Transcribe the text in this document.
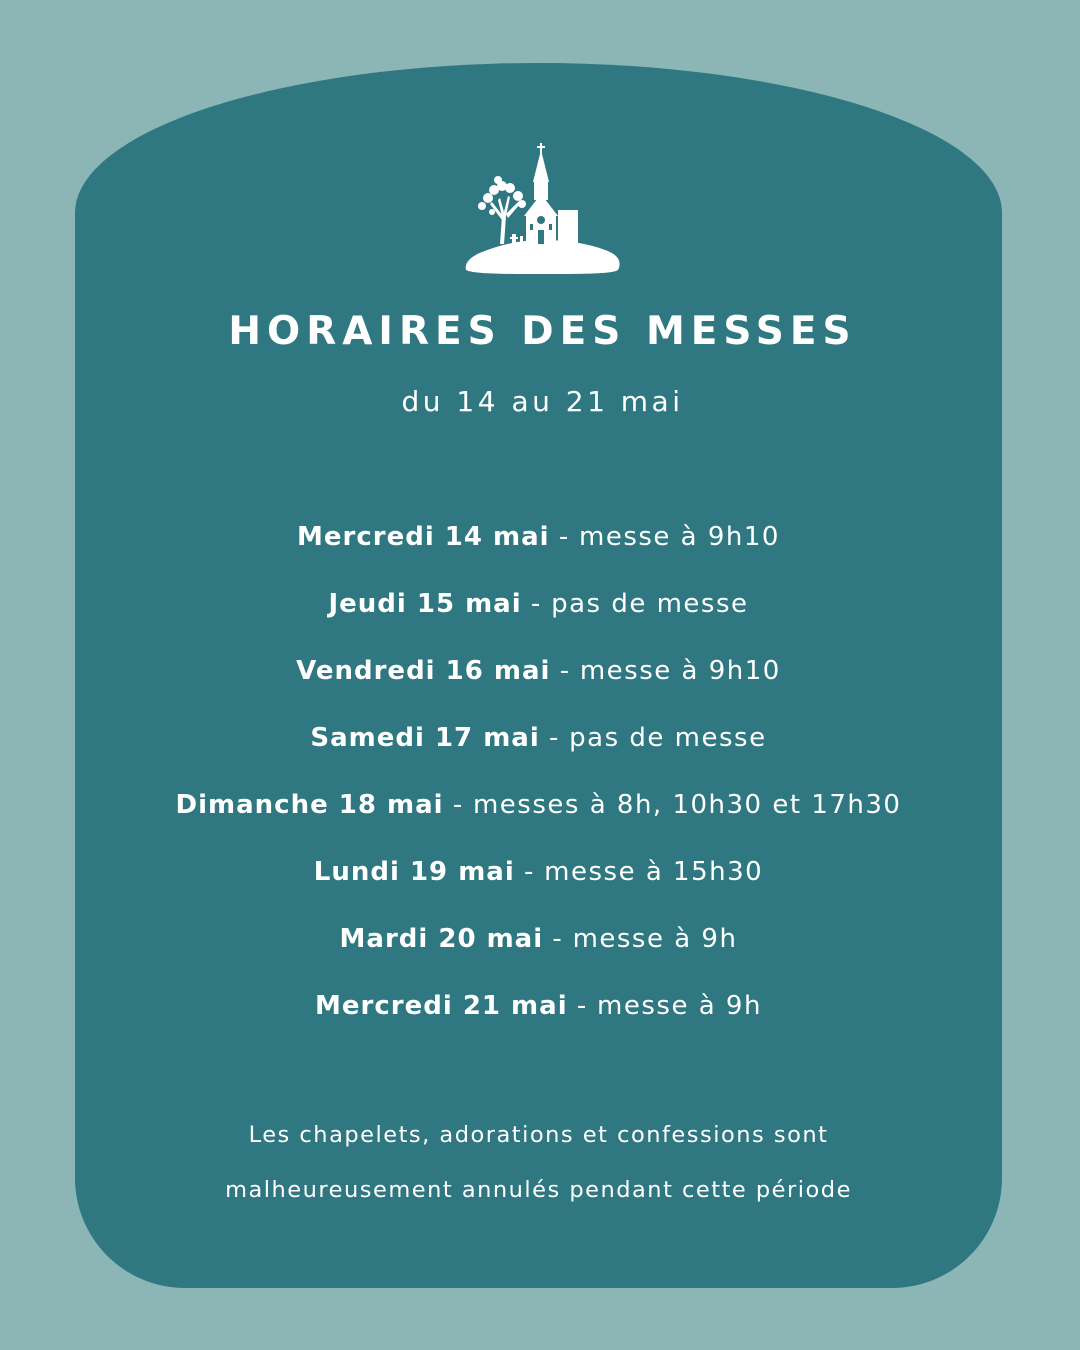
HORAIRES DES MESSES
du 14 au 21 mai
Mercredi 14 mai - messe à 9h10
Jeudi 15 mai - pas de messe
Vendredi 16 mai - messe à 9h10
Samedi 17 mai - pas de messe
Dimanche 18 mai - messes à 8h, 10h30 et 17h30
Lundi 19 mai - messe à 15h30
Mardi 20 mai - messe à 9h
Mercredi 21 mai - messe à 9h
Les chapelets, adorations et confessions sont
malheureusement annulés pendant cette période
